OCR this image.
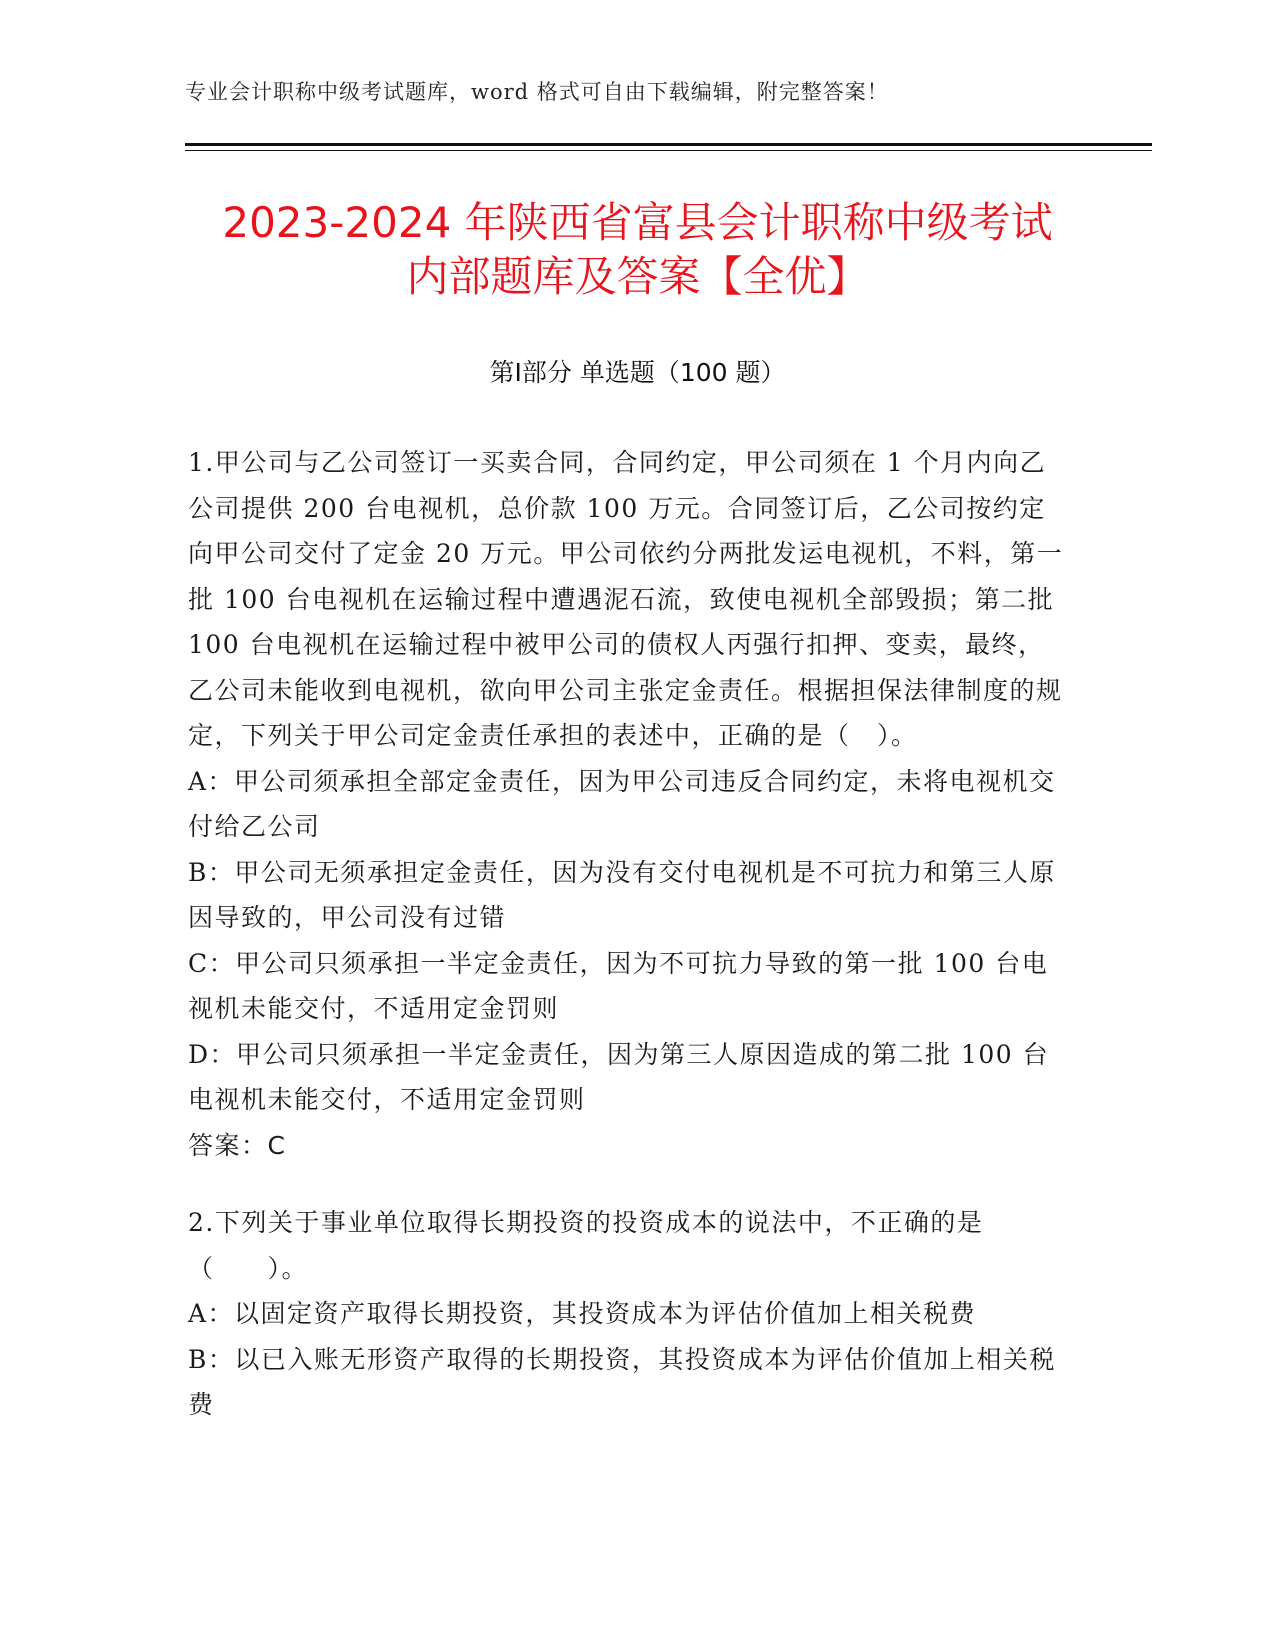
专业会计职称中级考试题库，word 格式可自由下载编辑，附完整答案！
2023-2024 年陕西省富县会计职称中级考试
内部题库及答案【全优】
第Ⅰ部分 单选题（100 题）

1.甲公司与乙公司签订一买卖合同，合同约定，甲公司须在 1 个月内向乙公司提供 200 台电视机，总价款 100 万元。合同签订后，乙公司按约定向甲公司交付了定金 20 万元。甲公司依约分两批发运电视机，不料，第一批 100 台电视机在运输过程中遭遇泥石流，致使电视机全部毁损；第二批 100 台电视机在运输过程中被甲公司的债权人丙强行扣押、变卖，最终，乙公司未能收到电视机，欲向甲公司主张定金责任。根据担保法律制度的规定，下列关于甲公司定金责任承担的表述中，正确的是（　）。

A：甲公司须承担全部定金责任，因为甲公司违反合同约定，未将电视机交付给乙公司

B：甲公司无须承担定金责任，因为没有交付电视机是不可抗力和第三人原因导致的，甲公司没有过错

C：甲公司只须承担一半定金责任，因为不可抗力导致的第一批 100 台电视机未能交付，不适用定金罚则

D：甲公司只须承担一半定金责任，因为第三人原因造成的第二批 100 台电视机未能交付，不适用定金罚则

答案：C

2.下列关于事业单位取得长期投资的投资成本的说法中，不正确的是（　　）。

A：以固定资产取得长期投资，其投资成本为评估价值加上相关税费

B：以已入账无形资产取得的长期投资，其投资成本为评估价值加上相关税费
